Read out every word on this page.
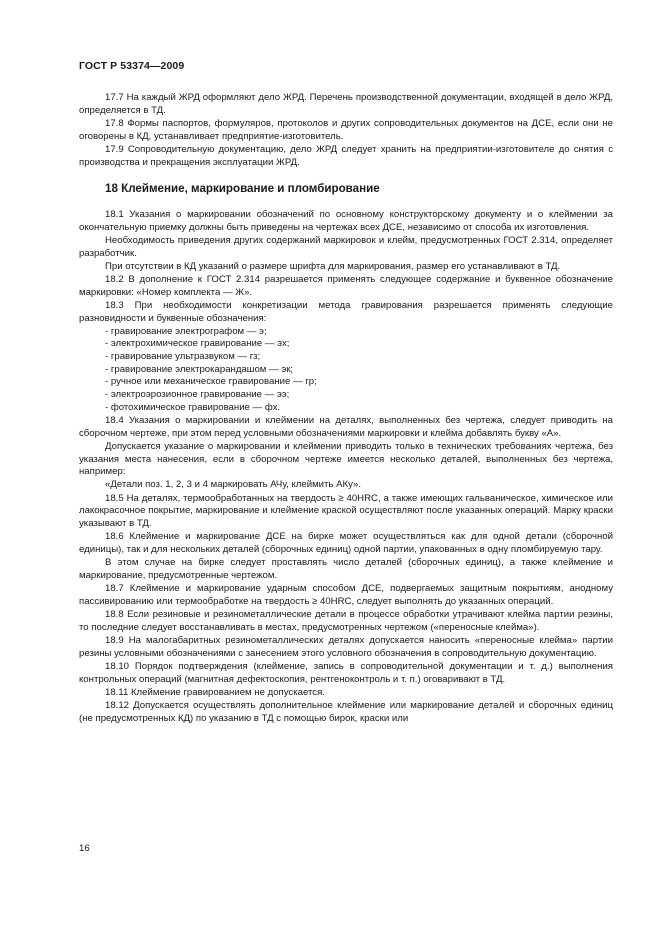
ГОСТ Р 53374—2009

17.7 На каждый ЖРД оформляют дело ЖРД. Перечень производственной документации, входящей в дело ЖРД, определяется в ТД.

17.8 Формы паспортов, формуляров, протоколов и других сопроводительных документов на ДСЕ, если они не оговорены в КД, устанавливает предприятие-изготовитель.

17.9 Сопроводительную документацию, дело ЖРД следует хранить на предприятии-изготовителе до снятия с производства и прекращения эксплуатации ЖРД.

18 Клеймение, маркирование и пломбирование

18.1 Указания о маркировании обозначений по основному конструкторскому документу и о клеймении за окончательную приемку должны быть приведены на чертежах всех ДСЕ, независимо от способа их изготовления.

Необходимость приведения других содержаний маркировок и клейм, предусмотренных ГОСТ 2.314, определяет разработчик.

При отсутствии в КД указаний о размере шрифта для маркирования, размер его устанавливают в ТД.

18.2 В дополнение к ГОСТ 2.314 разрешается применять следующее содержание и буквенное обозначение маркировки: «Номер комплекта — Ж».

18.3 При необходимости конкретизации метода гравирования разрешается применять следующие разновидности и буквенные обозначения:

- гравирование электрографом — э;

- электрохимическое гравирование — эх;

- гравирование ультразвуком — гз;

- гравирование электрокарандашом — эк;

- ручное или механическое гравирование — гр;

- электроэрозионное гравирование — ээ;

- фотохимическое гравирование — фх.

18.4 Указания о маркировании и клеймении на деталях, выполненных без чертежа, следует приводить на сборочном чертеже, при этом перед условными обозначениями маркировки и клейма добавлять букву «А».

Допускается указание о маркировании и клеймении приводить только в технических требованиях чертежа, без указания места нанесения, если в сборочном чертеже имеется несколько деталей, выполненных без чертежа, например:

«Детали поз. 1, 2, 3 и 4 маркировать АЧу, клеймить АКу».

18.5 На деталях, термообработанных на твердость ≥ 40HRC, а также имеющих гальваническое, химическое или лакокрасочное покрытие, маркирование и клеймение краской осуществляют после указанных операций. Марку краски указывают в ТД.

18.6 Клеймение и маркирование ДСЕ на бирке может осуществляться как для одной детали (сборочной единицы), так и для нескольких деталей (сборочных единиц) одной партии, упакованных в одну пломбируемую тару.

В этом случае на бирке следует проставлять число деталей (сборочных единиц), а также клеймение и маркирование, предусмотренные чертежом.

18.7 Клеймение и маркирование ударным способом ДСЕ, подвергаемых защитным покрытиям, анодному пассивированию или термообработке на твердость ≥ 40HRC, следует выполнять до указанных операций.

18.8 Если резиновые и резинометаллические детали в процессе обработки утрачивают клейма партии резины, то последние следует восстанавливать в местах, предусмотренных чертежом («переносные клейма»).

18.9 На малогабаритных резинометаллических деталях допускается наносить «переносные клейма» партии резины условными обозначениями с занесением этого условного обозначения в сопроводительную документацию.

18.10 Порядок подтверждения (клеймение, запись в сопроводительной документации и т. д.) выполнения контрольных операций (магнитная дефектоскопия, рентгеноконтроль и т. п.) оговаривают в ТД.

18.11 Клеймение гравированием не допускается.

18.12 Допускается осуществлять дополнительное клеймение или маркирование деталей и сборочных единиц (не предусмотренных КД) по указанию в ТД с помощью бирок, краски или

16
